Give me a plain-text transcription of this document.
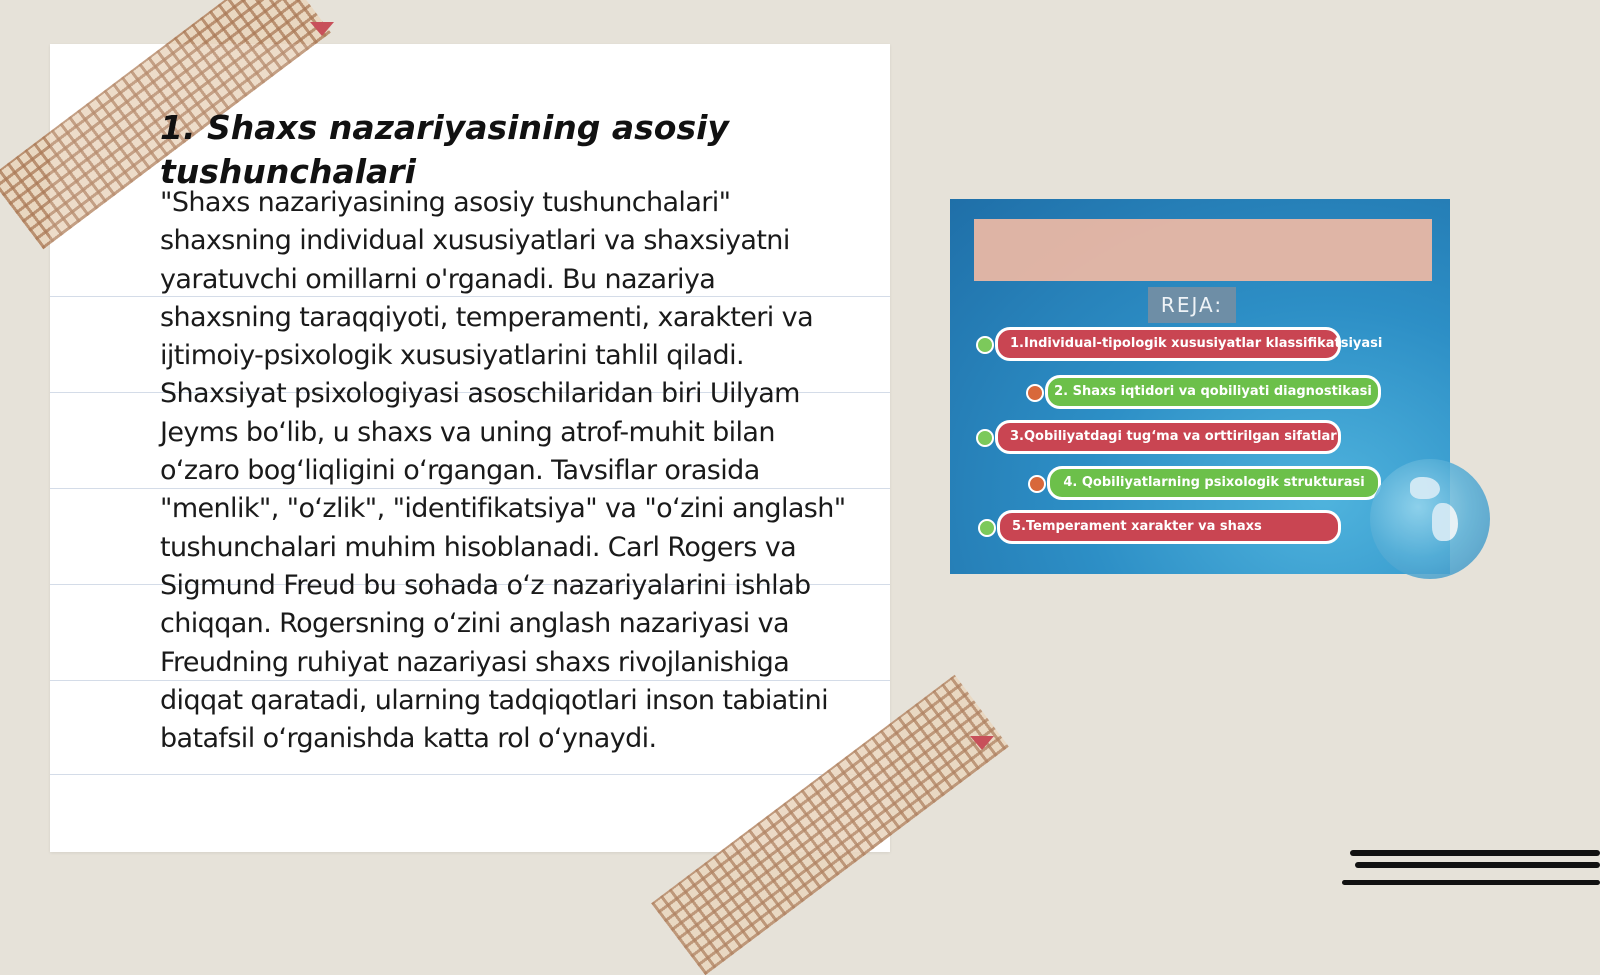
1. Shaxs nazariyasining asosiy tushunchalari

"Shaxs nazariyasining asosiy tushunchalari" shaxsning individual xususiyatlari va shaxsiyatni yaratuvchi omillarni o'rganadi. Bu nazariya shaxsning taraqqiyoti, temperamenti, xarakteri va ijtimoiy-psixologik xususiyatlarini tahlil qiladi. Shaxsiyat psixologiyasi asoschilaridan biri Uilyam Jeyms bo‘lib, u shaxs va uning atrof-muhit bilan o‘zaro bog‘liqligini o‘rgangan. Tavsiflar orasida "menlik", "o‘zlik", "identifikatsiya" va "o‘zini anglash" tushunchalari muhim hisoblanadi. Carl Rogers va Sigmund Freud bu sohada o‘z nazariyalarini ishlab chiqqan. Rogersning o‘zini anglash nazariyasi va Freudning ruhiyat nazariyasi shaxs rivojlanishiga diqqat qaratadi, ularning tadqiqotlari inson tabiatini batafsil o‘rganishda katta rol o‘ynaydi.

REJA:
1.Individual-tipologik xususiyatlar klassifikatsiyasi
2. Shaxs iqtidori va qobiliyati diagnostikasi
3.Qobiliyatdagi tug‘ma va orttirilgan sifatlar
4. Qobiliyatlarning psixologik strukturasi
5.Temperament xarakter va shaxs
